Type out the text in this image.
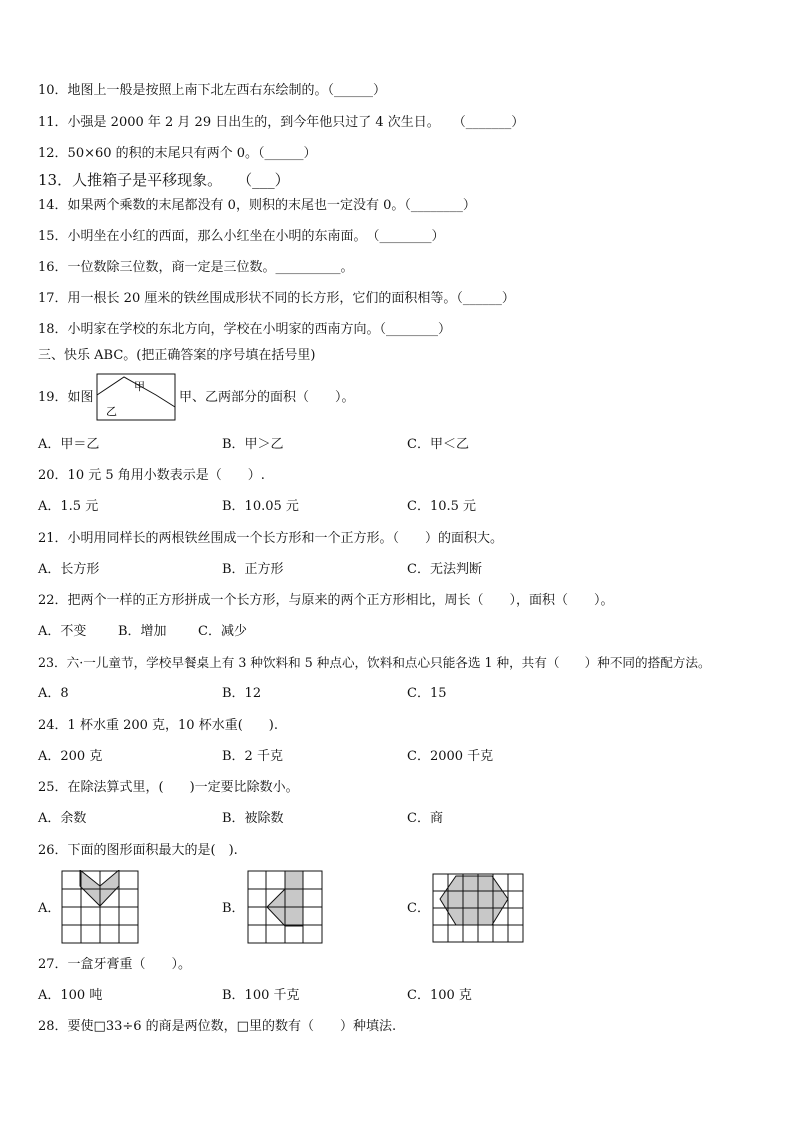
10．地图上一般是按照上南下北左西右东绘制的。（______）
11．小强是 2000 年 2 月 29 日出生的，到今年他只过了 4 次生日。　　（_______）
12．50×60 的积的末尾只有两个 0。（______）
13．人推箱子是平移现象。　　（___）
14．如果两个乘数的末尾都没有 0，则积的末尾也一定没有 0。（________）
15．小明坐在小红的西面，那么小红坐在小明的东南面。　（________）
16．一位数除三位数，商一定是三位数。__________。
17．用一根长 20 厘米的铁丝围成形状不同的长方形，它们的面积相等。（______）
18．小明家在学校的东北方向，学校在小明家的西南方向。（________）
三、快乐 ABC。(把正确答案的序号填在括号里)
19．如图
甲
乙
甲、乙两部分的面积（　　）。
A．甲＝乙	B．甲＞乙	C．甲＜乙
20．10 元 5 角用小数表示是（　　）.
A．1.5 元	B．10.05 元	C．10.5 元
21．小明用同样长的两根铁丝围成一个长方形和一个正方形。（　　）的面积大。
A．长方形	B．正方形	C．无法判断
22．把两个一样的正方形拼成一个长方形，与原来的两个正方形相比，周长（　　），面积（　　）。
A．不变 B．增加 C．减少
23．六·一儿童节，学校早餐桌上有 3 种饮料和 5 种点心，饮料和点心只能各选 1 种，共有（　　）种不同的搭配方法。
A．8	B．12	C．15
24．1 杯水重 200 克，10 杯水重(　　).
A．200 克	B．2 千克	C．2000 千克
25．在除法算式里，(　　)一定要比除数小。
A．余数	B．被除数	C．商
26．下面的图形面积最大的是(　).
A．	B．	C．
27．一盒牙膏重（　　）。
A．100 吨	B．100 千克	C．100 克
28．要使□33÷6 的商是两位数，□里的数有（　　）种填法.
